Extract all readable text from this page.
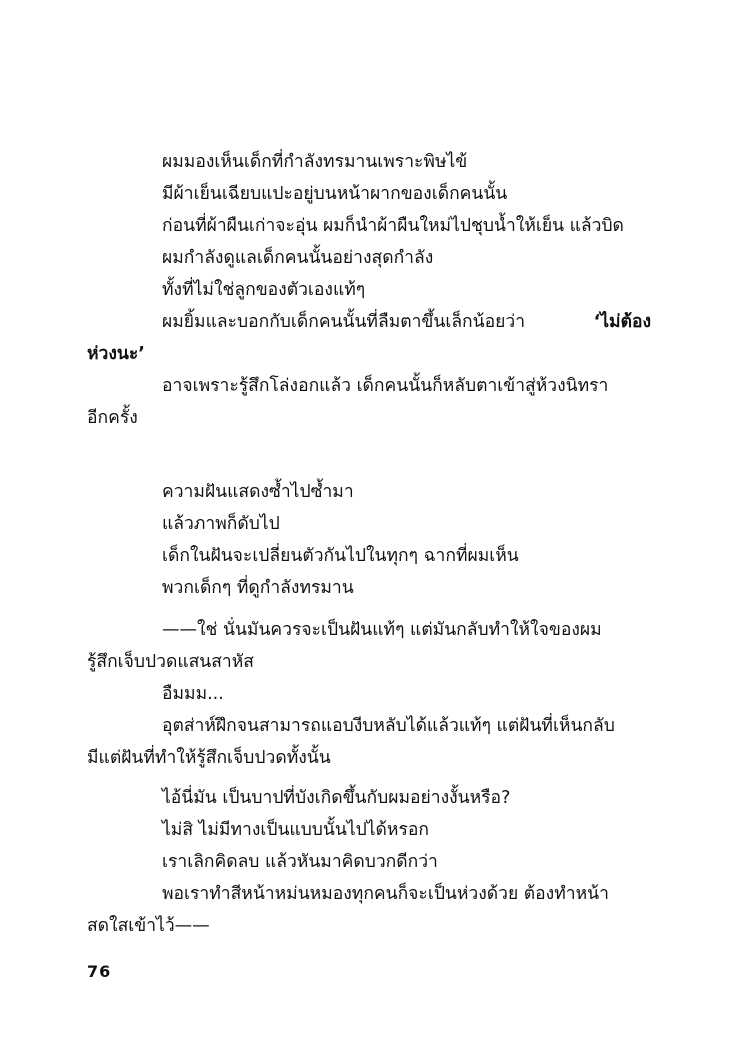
ผมมองเห็นเด็กที่กำลังทรมานเพราะพิษไข้
มีผ้าเย็นเฉียบแปะอยู่บนหน้าผากของเด็กคนนั้น
ก่อนที่ผ้าผืนเก่าจะอุ่น ผมก็นำผ้าผืนใหม่ไปชุบน้ำให้เย็น แล้วบิด
ผมกำลังดูแลเด็กคนนั้นอย่างสุดกำลัง
ทั้งที่ไม่ใช่ลูกของตัวเองแท้ๆ
ผมยิ้มและบอกกับเด็กคนนั้นที่ลืมตาขึ้นเล็กน้อยว่า	‘ไม่ต้อง
ห่วงนะ’
อาจเพราะรู้สึกโล่งอกแล้ว เด็กคนนั้นก็หลับตาเข้าสู่ห้วงนิทรา
อีกครั้ง
ความฝันแสดงซ้ำไปซ้ำมา
แล้วภาพก็ดับไป
เด็กในฝันจะเปลี่ยนตัวกันไปในทุกๆ ฉากที่ผมเห็น
พวกเด็กๆ ที่ดูกำลังทรมาน
——ใช่ นั่นมันควรจะเป็นฝันแท้ๆ แต่มันกลับทำให้ใจของผม
รู้สึกเจ็บปวดแสนสาหัส
อืมมม...
อุตส่าห์ฝึกจนสามารถแอบงีบหลับได้แล้วแท้ๆ แต่ฝันที่เห็นกลับ
มีแต่ฝันที่ทำให้รู้สึกเจ็บปวดทั้งนั้น
ไอ้นี่มัน เป็นบาปที่บังเกิดขึ้นกับผมอย่างงั้นหรือ?
ไม่สิ ไม่มีทางเป็นแบบนั้นไปได้หรอก
เราเลิกคิดลบ แล้วหันมาคิดบวกดีกว่า
พอเราทำสีหน้าหม่นหมองทุกคนก็จะเป็นห่วงด้วย ต้องทำหน้า
สดใสเข้าไว้——
76
